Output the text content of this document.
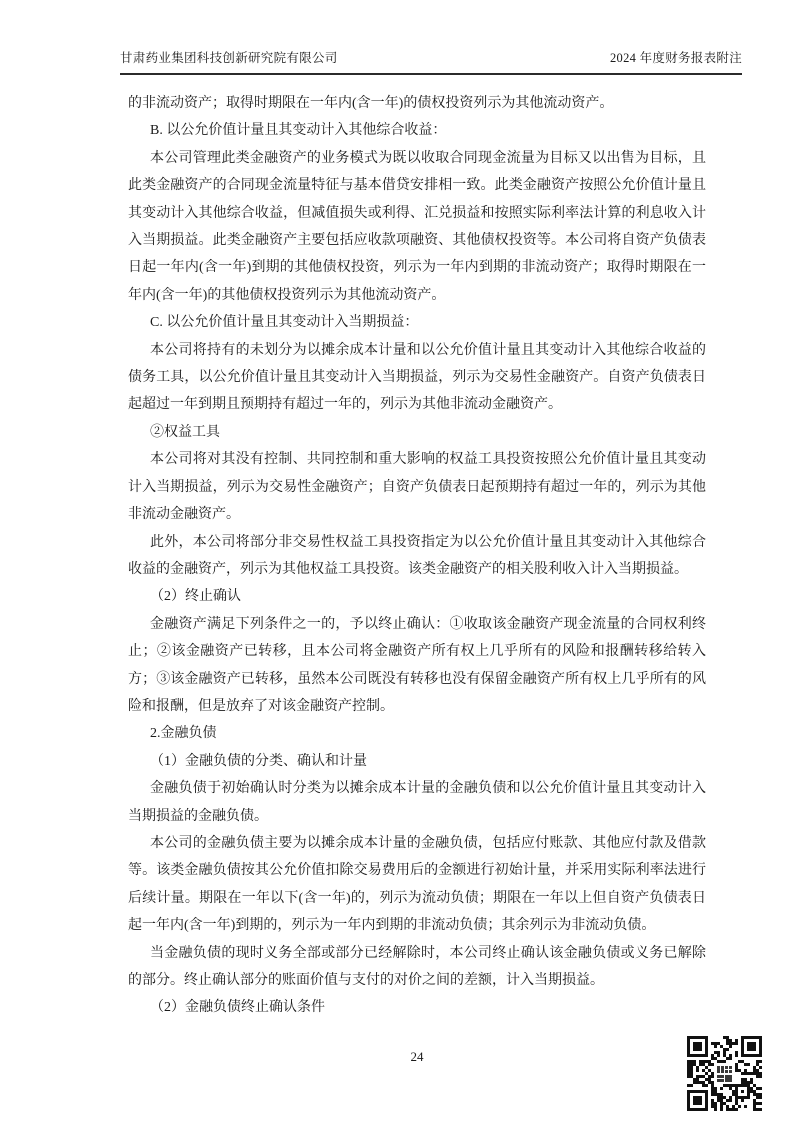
甘肃药业集团科技创新研究院有限公司	2024 年度财务报表附注

的非流动资产；取得时期限在一年内(含一年)的债权投资列示为其他流动资产。

B. 以公允价值计量且其变动计入其他综合收益：

本公司管理此类金融资产的业务模式为既以收取合同现金流量为目标又以出售为目标，且此类金融资产的合同现金流量特征与基本借贷安排相一致。此类金融资产按照公允价值计量且其变动计入其他综合收益，但减值损失或利得、汇兑损益和按照实际利率法计算的利息收入计入当期损益。此类金融资产主要包括应收款项融资、其他债权投资等。本公司将自资产负债表日起一年内(含一年)到期的其他债权投资，列示为一年内到期的非流动资产；取得时期限在一年内(含一年)的其他债权投资列示为其他流动资产。

C. 以公允价值计量且其变动计入当期损益：

本公司将持有的未划分为以摊余成本计量和以公允价值计量且其变动计入其他综合收益的债务工具，以公允价值计量且其变动计入当期损益，列示为交易性金融资产。自资产负债表日起超过一年到期且预期持有超过一年的，列示为其他非流动金融资产。

②权益工具

本公司将对其没有控制、共同控制和重大影响的权益工具投资按照公允价值计量且其变动计入当期损益，列示为交易性金融资产；自资产负债表日起预期持有超过一年的，列示为其他非流动金融资产。

此外，本公司将部分非交易性权益工具投资指定为以公允价值计量且其变动计入其他综合收益的金融资产，列示为其他权益工具投资。该类金融资产的相关股利收入计入当期损益。

（2）终止确认

金融资产满足下列条件之一的，予以终止确认：①收取该金融资产现金流量的合同权利终止；②该金融资产已转移，且本公司将金融资产所有权上几乎所有的风险和报酬转移给转入方；③该金融资产已转移，虽然本公司既没有转移也没有保留金融资产所有权上几乎所有的风险和报酬，但是放弃了对该金融资产控制。

2.金融负债

（1）金融负债的分类、确认和计量

金融负债于初始确认时分类为以摊余成本计量的金融负债和以公允价值计量且其变动计入当期损益的金融负债。

本公司的金融负债主要为以摊余成本计量的金融负债，包括应付账款、其他应付款及借款等。该类金融负债按其公允价值扣除交易费用后的金额进行初始计量，并采用实际利率法进行后续计量。期限在一年以下(含一年)的，列示为流动负债；期限在一年以上但自资产负债表日起一年内(含一年)到期的，列示为一年内到期的非流动负债；其余列示为非流动负债。

当金融负债的现时义务全部或部分已经解除时，本公司终止确认该金融负债或义务已解除的部分。终止确认部分的账面价值与支付的对价之间的差额，计入当期损益。

（2）金融负债终止确认条件

24
